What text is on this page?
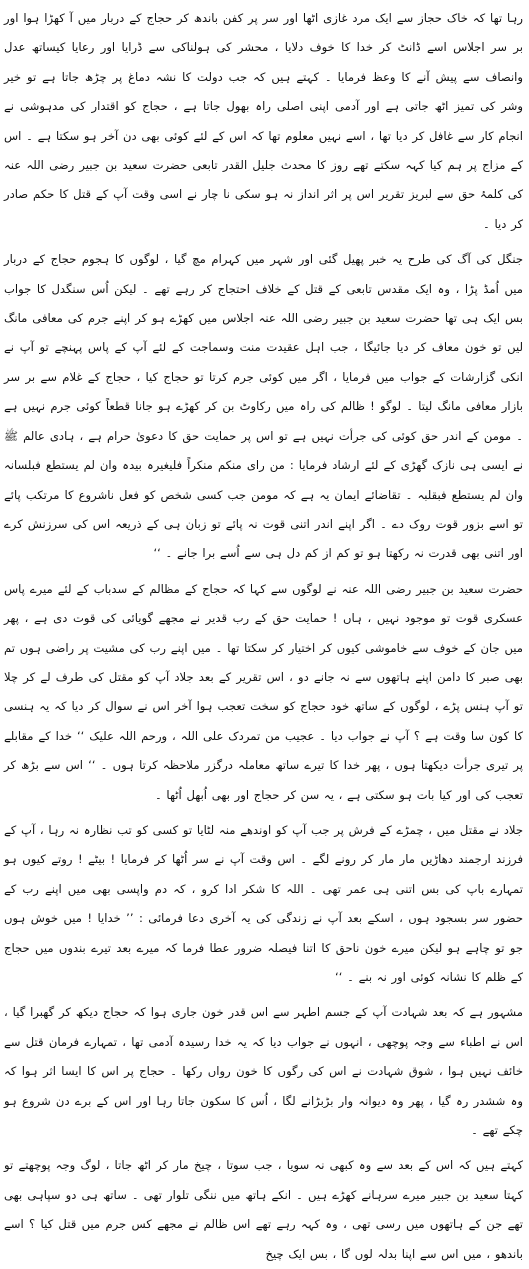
رہا تھا کہ خاک حجاز سے ایک مرد غازی اٹھا اور سر پر کفن باندھ کر حجاج کے دربار میں آ کھڑا ہوا اور بر سر اجلاس اسے ڈانٹ کر خدا کا خوف دلایا ، محشر کی ہولناکی سے ڈرایا اور رعایا کیساتھ عدل وانصاف سے پیش آنے کا وعظ فرمایا ۔ کہتے ہیں کہ جب دولت کا نشہ دماغ پر چڑھ جاتا ہے تو خیر وشر کی تمیز اٹھ جاتی ہے اور آدمی اپنی اصلی راہ بھول جاتا ہے ، حجاج کو اقتدار کی مدہوشی نے انجام کار سے غافل کر دیا تھا ، اسے نہیں معلوم تھا کہ اس کے لئے کوئی بھی دن آخر ہو سکتا ہے ۔ اس کے مزاج پر ہم کیا کہہ سکتے تھے روز کا محدث جلیل القدر تابعی حضرت سعید بن جبیر رضی اللہ عنہ کی کلمۂ حق سے لبریز تقریر اس پر اثر انداز نہ ہو سکی نا چار نے اسی وقت آپ کے قتل کا حکم صادر کر دیا ۔

جنگل کی آگ کی طرح یہ خبر پھیل گئی اور شہر میں کہرام مچ گیا ، لوگوں کا ہجوم حجاج کے دربار میں اُمڈ پڑا ، وہ ایک مقدس تابعی کے قتل کے خلاف احتجاج کر رہے تھے ۔ لیکن اُس سنگدل کا جواب بس ایک ہی تھا حضرت سعید بن جبیر رضی اللہ عنہ اجلاس میں کھڑے ہو کر اپنے جرم کی معافی مانگ لیں تو خون معاف کر دیا جائیگا ، جب اہل عقیدت منت وسماجت کے لئے آپ کے پاس پہنچے تو آپ نے انکی گزارشات کے جواب میں فرمایا ، اگر میں کوئی جرم کرتا تو حجاج کیا ، حجاج کے غلام سے بر سر بازار معافی مانگ لیتا ۔ لوگو ! ظالم کی راہ میں رکاوٹ بن کر کھڑے ہو جانا قطعاً کوئی جرم نہیں ہے ۔ مومن کے اندر حق کوئی کی جرأت نہیں ہے تو اس پر حمایت حق کا دعویٰ حرام ہے ، ہادی عالم ﷺ نے ایسی ہی نازک گھڑی کے لئے ارشاد فرمایا : من رای منکم منکراً فلیغیرہ بیدہ وان لم یستطع فبلسانہ وان لم یستطع فبقلبہ ۔ تقاضائے ایمان یہ ہے کہ مومن جب کسی شخص کو فعل ناشروع کا مرتکب پائے تو اسے بزور قوت روک دے ۔ اگر اپنے اندر اتنی قوت نہ پائے تو زبان ہی کے ذریعہ اس کی سرزنش کرے اور اتنی بھی قدرت نہ رکھتا ہو تو کم از کم دل ہی سے اُسے برا جانے ۔ ‘‘

حضرت سعید بن جبیر رضی اللہ عنہ نے لوگوں سے کہا کہ حجاج کے مظالم کے سدباب کے لئے میرے پاس عسکری قوت تو موجود نہیں ، ہاں ! حمایت حق کے رب قدیر نے مجھے گویائی کی قوت دی ہے ، پھر میں جان کے خوف سے خاموشی کیوں کر اختیار کر سکتا تھا ۔ میں اپنے رب کی مشیت پر راضی ہوں تم بھی صبر کا دامن اپنے ہاتھوں سے نہ جانے دو ، اس تقریر کے بعد جلاد آپ کو مقتل کی طرف لے کر چلا تو آپ ہنس پڑے ، لوگوں کے ساتھ خود حجاج کو سخت تعجب ہوا آخر اس نے سوال کر دیا کہ یہ ہنسی کا کون سا وقت ہے ؟ آپ نے جواب دیا ۔ عجیب من تمردک علی اللہ ، ورحم اللہ علیک ‘‘ خدا کے مقابلے پر تیری جرأت دیکھتا ہوں ، پھر خدا کا تیرے ساتھ معاملہ درگزر ملاحظہ کرتا ہوں ۔ ‘‘ اس سے بڑھ کر تعجب کی اور کیا بات ہو سکتی ہے ، یہ سن کر حجاج اور بھی اُبھل اُٹھا ۔

جلاد نے مقتل میں ، چمڑے کے فرش پر جب آپ کو اوندھے منہ لٹایا تو کسی کو تب نظارہ نہ رہا ، آپ کے فرزند ارجمند دھاڑیں مار مار کر رونے لگے ۔ اس وقت آپ نے سر اُٹھا کر فرمایا ! بیٹے ! روتے کیوں ہو تمہارے باپ کی بس اتنی ہی عمر تھی ۔ اللہ کا شکر ادا کرو ، کہ دم واپسی بھی میں اپنے رب کے حضور سر بسجود ہوں ، اسکے بعد آپ نے زندگی کی یہ آخری دعا فرمائی : ’’ خدایا ! میں خوش ہوں جو تو چاہے ہو لیکن میرے خون ناحق کا اتنا فیصلہ ضرور عطا فرما کہ میرے بعد تیرے بندوں میں حجاج کے ظلم کا نشانہ کوئی اور نہ بنے ۔ ‘‘

مشہور ہے کہ بعد شہادت آپ کے جسم اطہر سے اس قدر خون جاری ہوا کہ حجاج دیکھ کر گھبرا گیا ، اس نے اطباء سے وجہ پوچھی ، انہوں نے جواب دیا کہ یہ خدا رسیدہ آدمی تھا ، تمہارے فرمان قتل سے خائف نہیں ہوا ، شوق شہادت نے اس کی رگوں کا خون رواں رکھا ۔ حجاج پر اس کا ایسا اثر ہوا کہ وہ ششدر رہ گیا ، پھر وہ دیوانہ وار بڑبڑانے لگا ، اُس کا سکون جاتا رہا اور اس کے برے دن شروع ہو چکے تھے ۔

کہتے ہیں کہ اس کے بعد سے وہ کبھی نہ سویا ، جب سوتا ، چیخ مار کر اٹھ جاتا ، لوگ وجہ پوچھتے تو کہتا سعید بن جبیر میرے سرہانے کھڑے ہیں ۔ انکے ہاتھ میں ننگی تلوار تھی ۔ ساتھ ہی دو سپاہی بھی تھے جن کے ہاتھوں میں رسی تھی ، وہ کہہ رہے تھے اس ظالم نے مجھے کس جرم میں قتل کیا ؟ اسے باندھو ، میں اس سے اپنا بدلہ لوں گا ، بس ایک چیخ
